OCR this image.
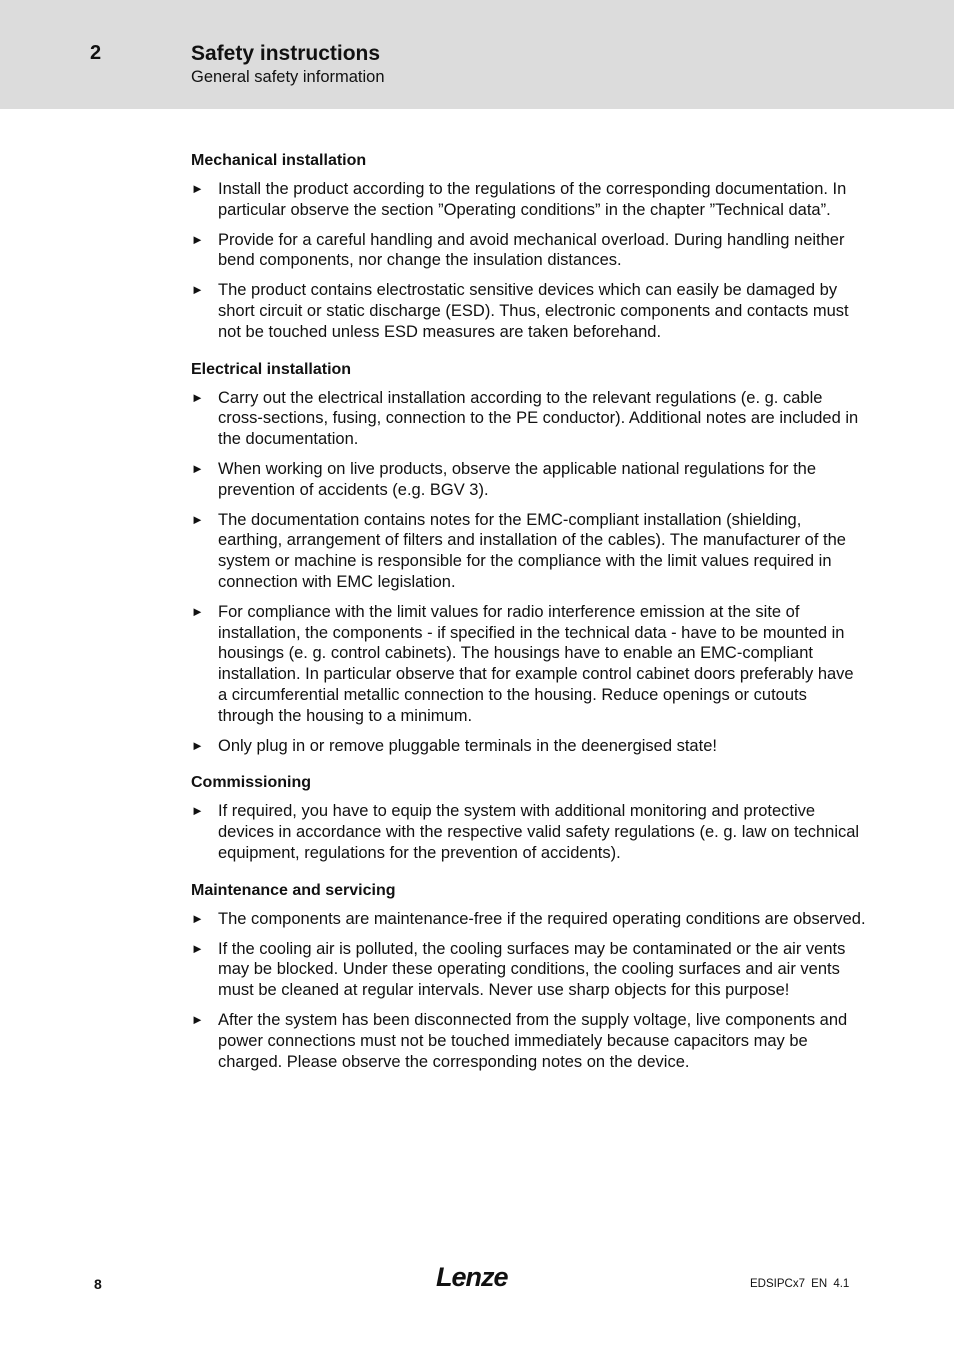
2	Safety instructions
General safety information
Mechanical installation
► Install the product according to the regulations of the corresponding documentation. In particular observe the section ”Operating conditions” in the chapter ”Technical data”.
► Provide for a careful handling and avoid mechanical overload. During handling neither bend components, nor change the insulation distances.
► The product contains electrostatic sensitive devices which can easily be damaged by short circuit or static discharge (ESD). Thus, electronic components and contacts must not be touched unless ESD measures are taken beforehand.
Electrical installation
► Carry out the electrical installation according to the relevant regulations (e. g. cable cross-sections, fusing, connection to the PE conductor). Additional notes are included in the documentation.
► When working on live products, observe the applicable national regulations for the prevention of accidents (e.g. BGV 3).
► The documentation contains notes for the EMC-compliant installation (shielding, earthing, arrangement of filters and installation of the cables). The manufacturer of the system or machine is responsible for the compliance with the limit values required in connection with EMC legislation.
► For compliance with the limit values for radio interference emission at the site of installation, the components - if specified in the technical data - have to be mounted in housings (e. g. control cabinets). The housings have to enable an EMC-compliant installation. In particular observe that for example control cabinet doors preferably have a circumferential metallic connection to the housing. Reduce openings or cutouts through the housing to a minimum.
► Only plug in or remove pluggable terminals in the deenergised state!
Commissioning
► If required, you have to equip the system with additional monitoring and protective devices in accordance with the respective valid safety regulations (e. g. law on technical equipment, regulations for the prevention of accidents).
Maintenance and servicing
► The components are maintenance-free if the required operating conditions are observed.
► If the cooling air is polluted, the cooling surfaces may be contaminated or the air vents may be blocked. Under these operating conditions, the cooling surfaces and air vents must be cleaned at regular intervals. Never use sharp objects for this purpose!
► After the system has been disconnected from the supply voltage, live components and power connections must not be touched immediately because capacitors may be charged. Please observe the corresponding notes on the device.
8	Lenze	EDSIPCx7 EN 4.1
